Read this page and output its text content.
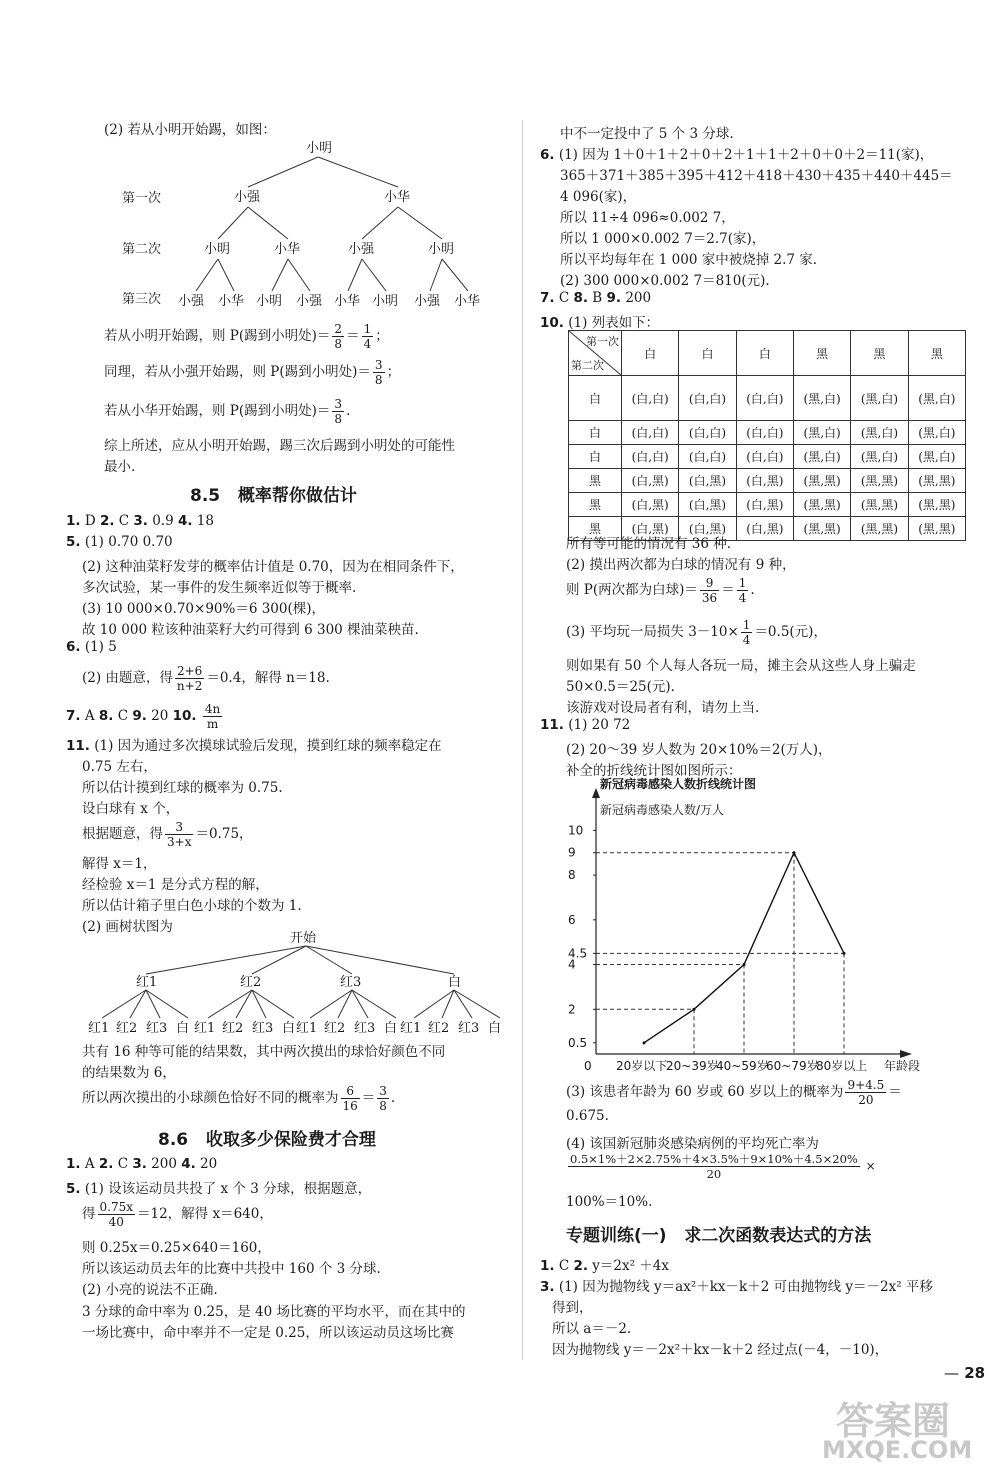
(2) 若从小明开始踢，如图：
小明
第一次
第二次
第三次
小强	小华
小明	小华	小强	小明
小强 小华 小明 小强 小华 小明 小强 小华
若从小明开始踢，则 P(踢到小明处)＝ $\frac{2}{8} = \frac{1}{4}$ ；
同理，若从小强开始踢，则 P(踢到小明处)＝ $\frac{3}{8}$ ；
若从小华开始踢，则 P(踢到小明处)＝ $\frac{3}{8}$ .
综上所述，应从小明开始踢，踢三次后踢到小明处的可能性
最小.
8.5 概率帮你做估计
1. D 2. C 3. 0.9 4. 18
5. (1) 0.70 0.70
(2) 这种油菜籽发芽的概率估计值是 0.70，因为在相同条件下，
多次试验，某一事件的发生频率近似等于概率.
(3) 10 000×0.70×90%＝6 300(棵)，
故 10 000 粒该种油菜籽大约可得到 6 300 棵油菜秧苗.
6. (1) 5
(2) 由题意，得 $\frac{2+6}{n+2} =0.4$，解得 n＝18.
7. A 8. C 9. 20 10. $\frac{4n}{m}$
11. (1) 因为通过多次摸球试验后发现，摸到红球的频率稳定在
0.75 左右，
所以估计摸到红球的概率为 0.75.
设白球有 x 个，
根据题意，得 $\frac{3}{3+x} =0.75$，
解得 x＝1，
经检验 x＝1 是分式方程的解，
所以估计箱子里白色小球的个数为 1.
(2) 画树状图为
开始
红1	红2	红3	白
红1 红2 红3 白 红1 红2 红3 白 红1 红2 红3 白 红1 红2 红3 白
共有 16 种等可能的结果数，其中两次摸出的球恰好颜色不同
的结果数为 6，
所以两次摸出的小球颜色恰好不同的概率为 $\frac{6}{16} = \frac{3}{8}$ .
8.6 收取多少保险费才合理
1. A 2. C 3. 200 4. 20
5. (1) 设该运动员共投了 x 个 3 分球，根据题意，
得 $\frac{0.75x}{40} =12$，解得 x＝640，
则 0.25x＝0.25×640＝160，
所以该运动员去年的比赛中共投中 160 个 3 分球.
(2) 小亮的说法不正确.
3 分球的命中率为 0.25，是 40 场比赛的平均水平，而在其中的
一场比赛中，命中率并不一定是 0.25，所以该运动员这场比赛
中不一定投中了 5 个 3 分球.
6. (1) 因为 1＋0＋1＋2＋0＋2＋1＋1＋2＋0＋0＋2＝11(家)，
365＋371＋385＋395＋412＋418＋430＋435＋440＋445＝
4 096(家)，
所以 11÷4 096≈0.002 7，
所以 1 000×0.002 7＝2.7(家)，
所以平均每年在 1 000 家中被烧掉 2.7 家.
(2) 300 000×0.002 7＝810(元).
7. C 8. B 9. 200
10. (1) 列表如下：
第一次
第二次	白	白	白	黑	黑	黑
白	(白,白)	(白,白)	(白,白)	(黑,白)	(黑,白)	(黑,白)
白	(白,白)	(白,白)	(白,白)	(黑,白)	(黑,白)	(黑,白)
白	(白,白)	(白,白)	(白,白)	(黑,白)	(黑,白)	(黑,白)
黑	(白,黑)	(白,黑)	(白,黑)	(黑,黑)	(黑,黑)	(黑,黑)
黑	(白,黑)	(白,黑)	(白,黑)	(黑,黑)	(黑,黑)	(黑,黑)
黑	(白,黑)	(白,黑)	(白,黑)	(黑,黑)	(黑,黑)	(黑,黑)
所有等可能的情况有 36 种.
(2) 摸出两次都为白球的情况有 9 种，
则 P(两次都为白球)＝ $\frac{9}{36} = \frac{1}{4}$ .
(3) 平均玩一局损失 $3-10\times \frac{1}{4} =0.5$(元)，
则如果有 50 个人每人各玩一局，摊主会从这些人身上骗走
50×0.5＝25(元).
该游戏对设局者有利，请勿上当.
11. (1) 20 72
(2) 20～39 岁人数为 20×10%＝2(万人)，
补全的折线统计图如图所示：
新冠病毒感染人数折线统计图
新冠病毒感染人数/万人
0
0.5
2
4
4.5
6
8
9
10
20岁以下
20~39岁
40~59岁
60~79岁
80岁以上 年龄段
(3) 该患者年龄为 60 岁或 60 岁以上的概率为 $\frac{9+4.5}{20}$ ＝
0.675.
(4) 该国新冠肺炎感染病例的平均死亡率为
$\frac{0.5\times 1\%+2\times 2.75\%+4\times 3.5\%+9\times 10\%+4.5\times 20\%}{20}$ ×
100%＝10%.
专题训练(一) 求二次函数表达式的方法
1. C 2. y＝2x² ＋4x
3. (1) 因为抛物线 y＝ax²＋kx－k＋2 可由抛物线 y＝－2x² 平移
得到，
所以 a＝－2.
因为抛物线 y＝－2x²＋kx－k＋2 经过点(－4，－10)，
— 28
答案圈
MXQE.COM
